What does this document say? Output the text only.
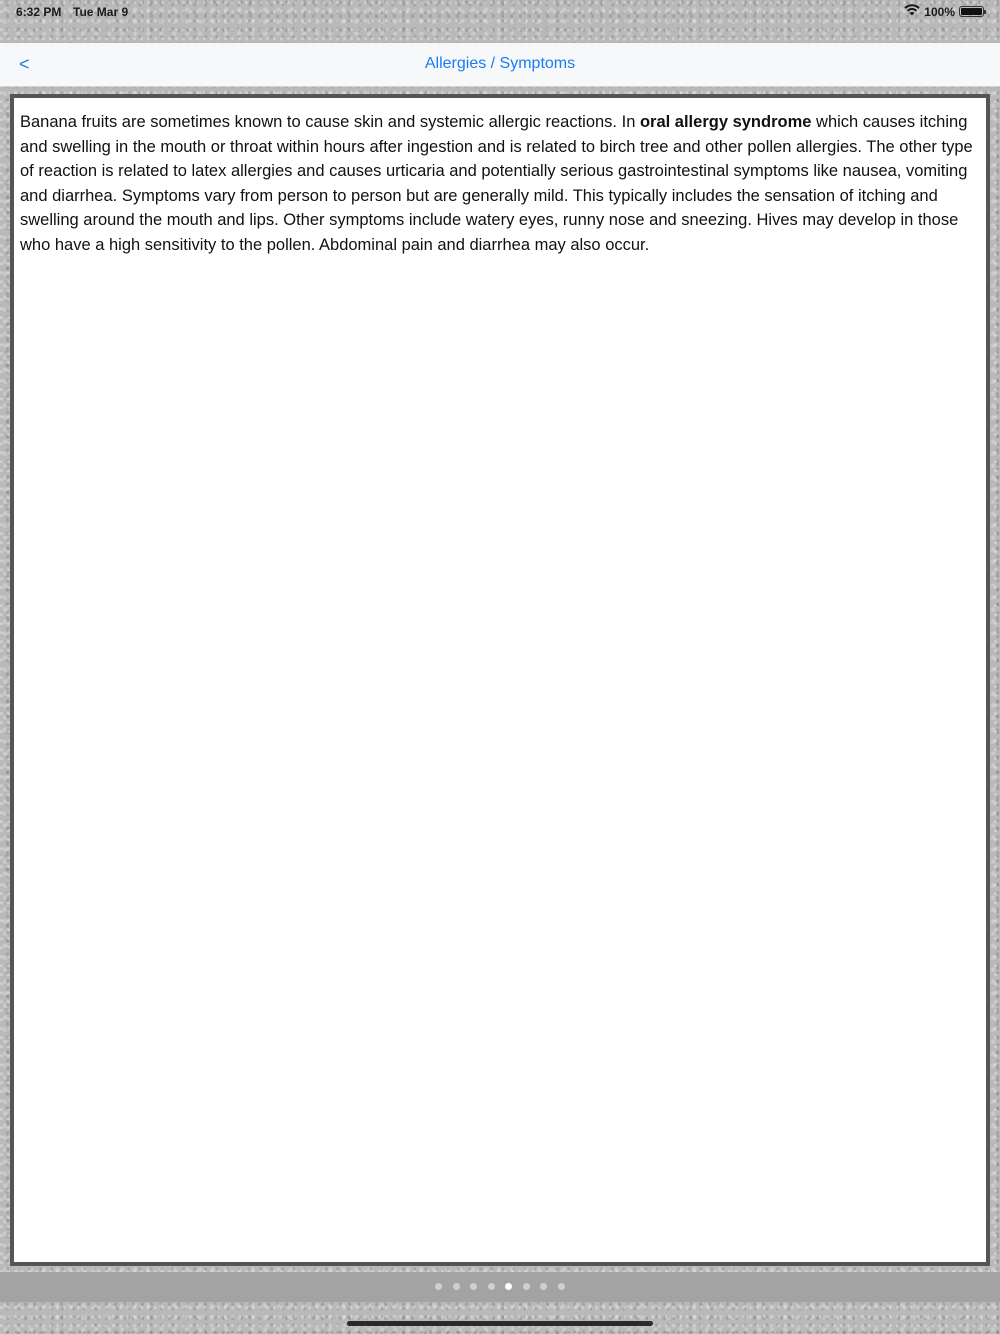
6:32 PM Tue Mar 9	100%
<	Allergies / Symptoms

Banana fruits are sometimes known to cause skin and systemic allergic reactions. In oral allergy syndrome which causes itching and swelling in the mouth or throat within hours after ingestion and is related to birch tree and other pollen allergies. The other type of reaction is related to latex allergies and causes urticaria and potentially serious gastrointestinal symptoms like nausea, vomiting and diarrhea. Symptoms vary from person to person but are generally mild. This typically includes the sensation of itching and swelling around the mouth and lips. Other symptoms include watery eyes, runny nose and sneezing. Hives may develop in those who have a high sensitivity to the pollen. Abdominal pain and diarrhea may also occur.
